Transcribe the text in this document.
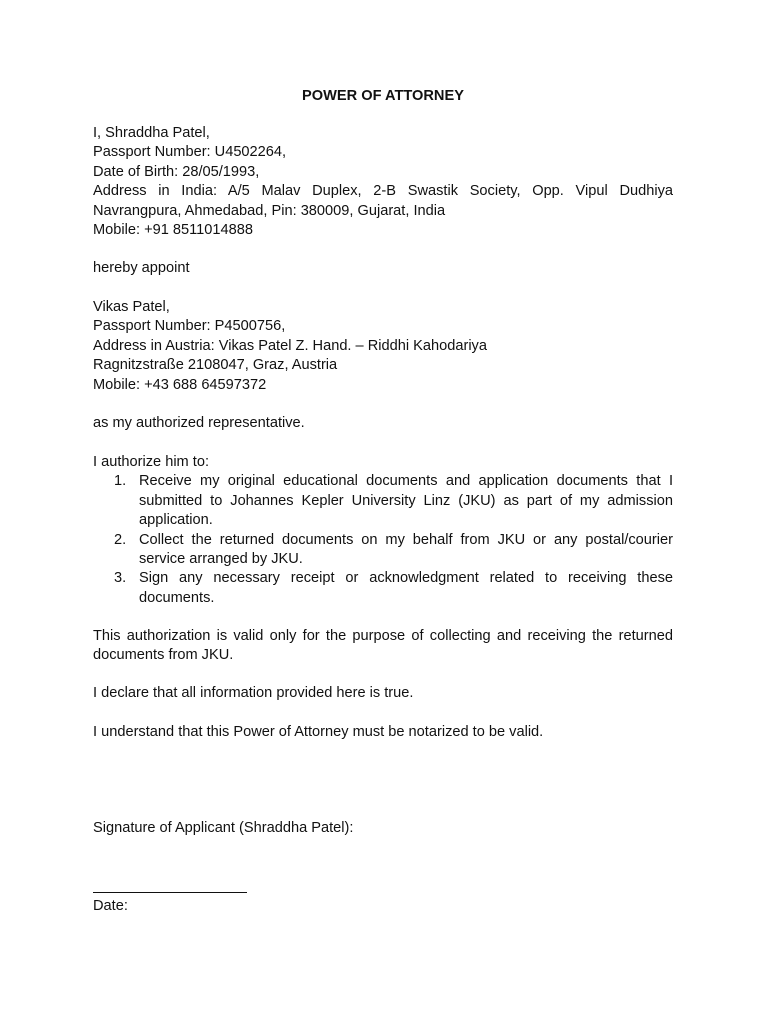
POWER OF ATTORNEY
I, Shraddha Patel,
Passport Number: U4502264,
Date of Birth: 28/05/1993,
Address in India: A/5 Malav Duplex, 2-B Swastik Society, Opp. Vipul Dudhiya Navrangpura, Ahmedabad, Pin: 380009, Gujarat, India
Mobile: +91 8511014888
hereby appoint
Vikas Patel,
Passport Number: P4500756,
Address in Austria: Vikas Patel Z. Hand. – Riddhi Kahodariya
Ragnitzstraße 2108047, Graz, Austria
Mobile: +43 688 64597372
as my authorized representative.
I authorize him to:
1. Receive my original educational documents and application documents that I submitted to Johannes Kepler University Linz (JKU) as part of my admission application.
2. Collect the returned documents on my behalf from JKU or any postal/courier service arranged by JKU.
3. Sign any necessary receipt or acknowledgment related to receiving these documents.
This authorization is valid only for the purpose of collecting and receiving the returned documents from JKU.
I declare that all information provided here is true.
I understand that this Power of Attorney must be notarized to be valid.
Signature of Applicant (Shraddha Patel):
Date:
